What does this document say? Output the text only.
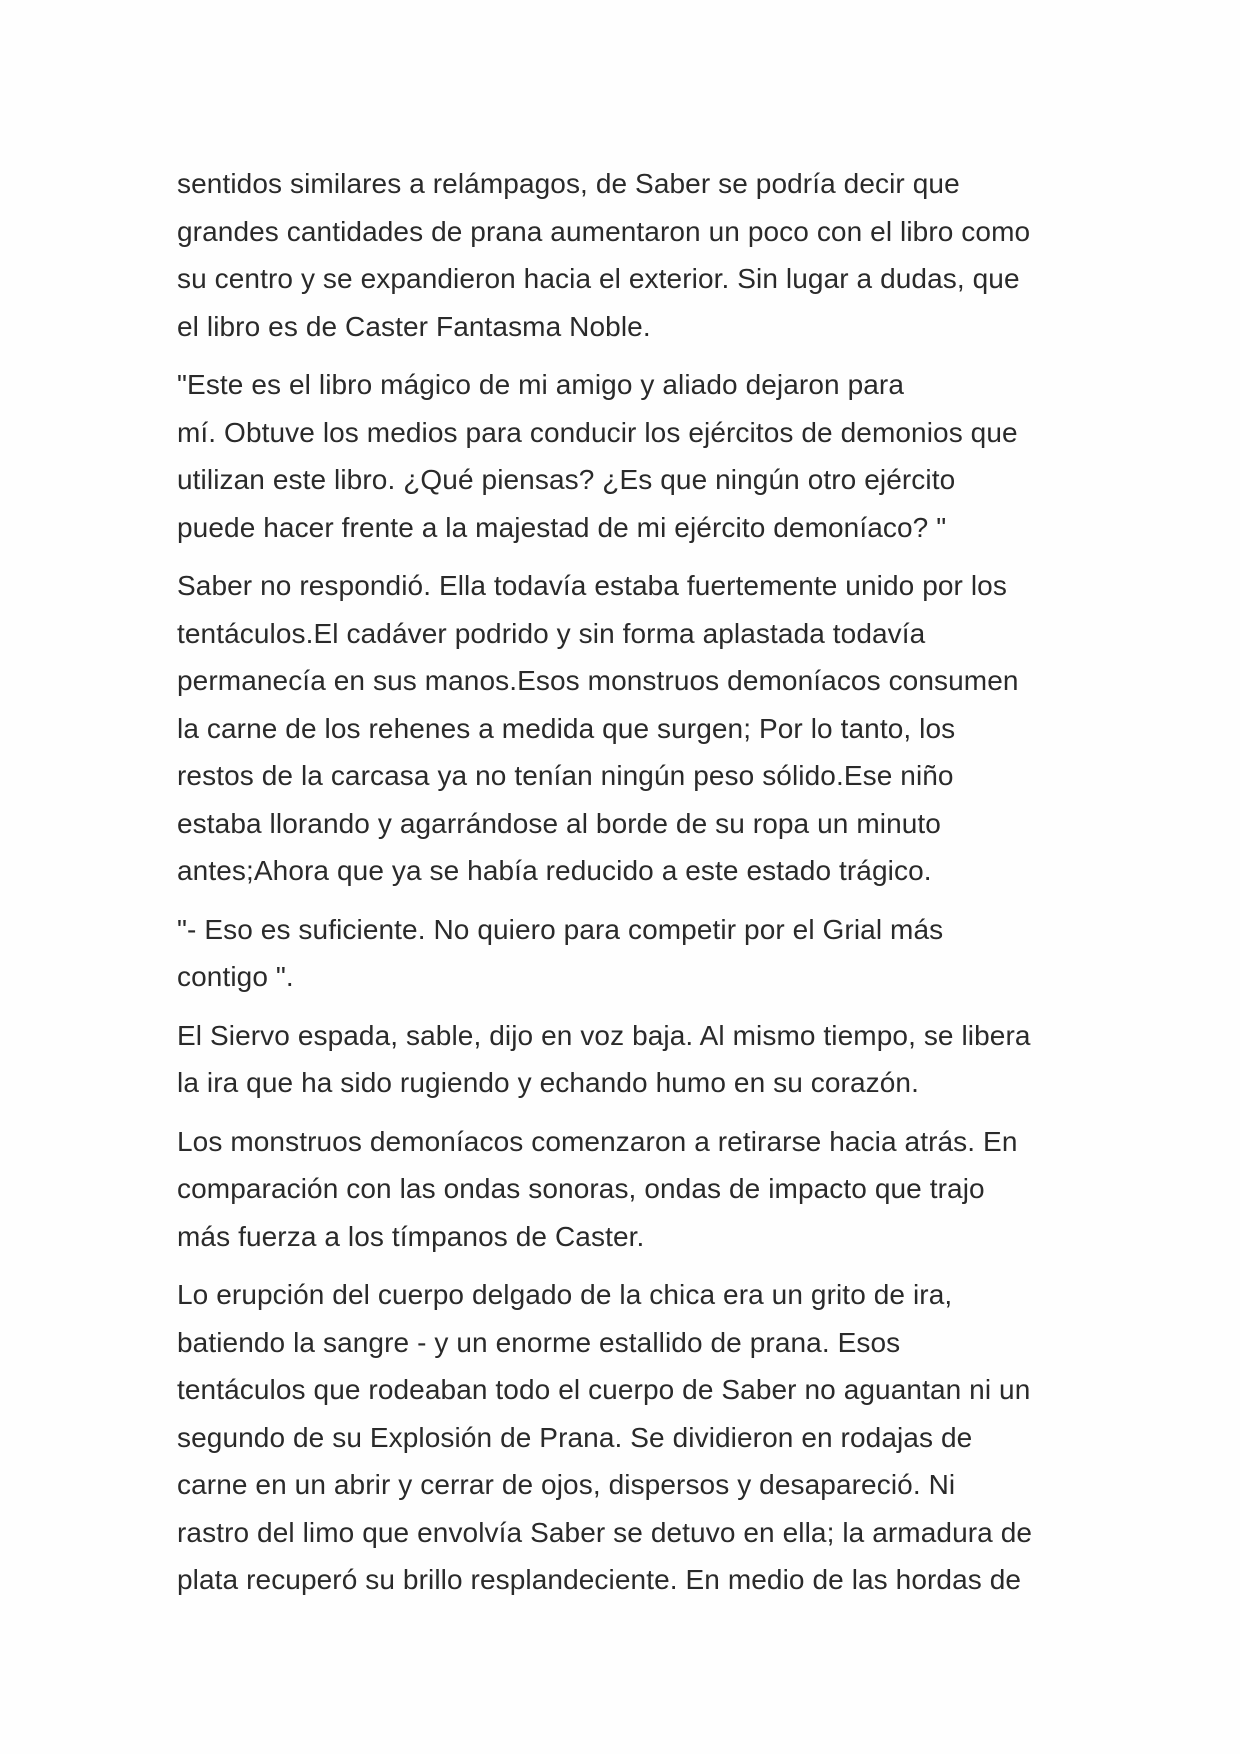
sentidos similares a relámpagos, de Saber se podría decir que
grandes cantidades de prana aumentaron un poco con el libro como
su centro y se expandieron hacia el exterior. Sin lugar a dudas, que
el libro es de Caster Fantasma Noble.

"Este es el libro mágico de mi amigo y aliado dejaron para
mí. Obtuve los medios para conducir los ejércitos de demonios que
utilizan este libro. ¿Qué piensas? ¿Es que ningún otro ejército
puede hacer frente a la majestad de mi ejército demoníaco? "

Saber no respondió. Ella todavía estaba fuertemente unido por los
tentáculos.El cadáver podrido y sin forma aplastada todavía
permanecía en sus manos.Esos monstruos demoníacos consumen
la carne de los rehenes a medida que surgen; Por lo tanto, los
restos de la carcasa ya no tenían ningún peso sólido.Ese niño
estaba llorando y agarrándose al borde de su ropa un minuto
antes;Ahora que ya se había reducido a este estado trágico.

"- Eso es suficiente. No quiero para competir por el Grial más
contigo ".

El Siervo espada, sable, dijo en voz baja. Al mismo tiempo, se libera
la ira que ha sido rugiendo y echando humo en su corazón.

Los monstruos demoníacos comenzaron a retirarse hacia atrás. En
comparación con las ondas sonoras, ondas de impacto que trajo
más fuerza a los tímpanos de Caster.

Lo erupción del cuerpo delgado de la chica era un grito de ira,
batiendo la sangre - y un enorme estallido de prana. Esos
tentáculos que rodeaban todo el cuerpo de Saber no aguantan ni un
segundo de su Explosión de Prana. Se dividieron en rodajas de
carne en un abrir y cerrar de ojos, dispersos y desapareció. Ni
rastro del limo que envolvía Saber se detuvo en ella; la armadura de
plata recuperó su brillo resplandeciente. En medio de las hordas de
